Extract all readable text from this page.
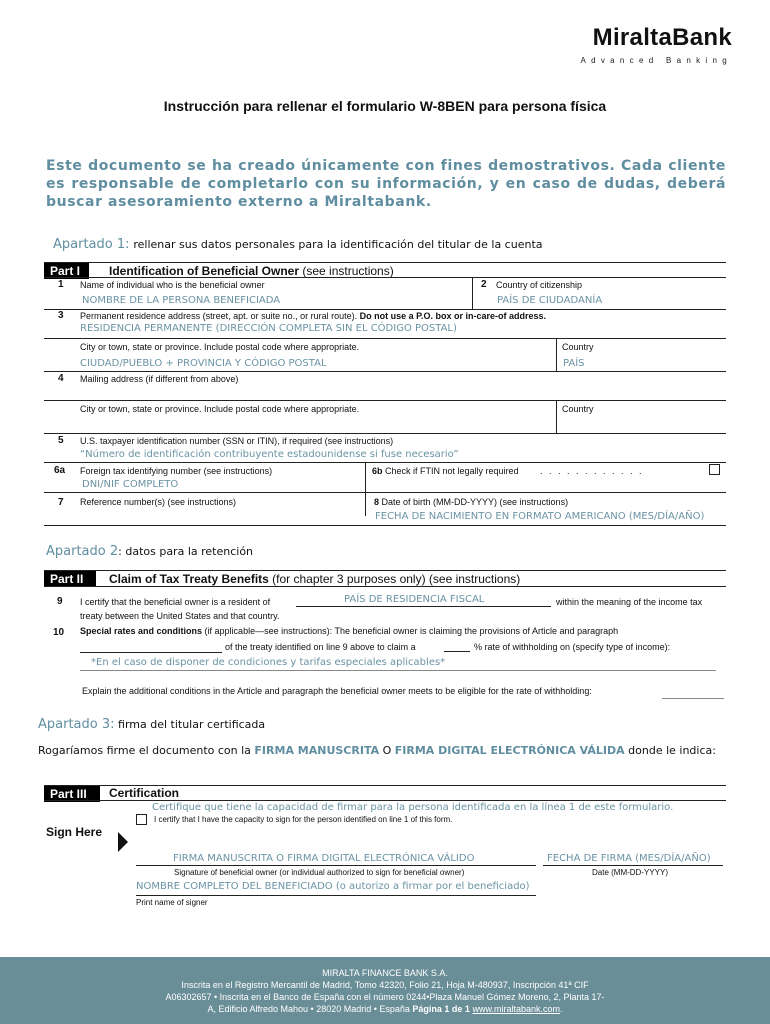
MiraltaBank
Advanced Banking
Instrucción para rellenar el formulario W-8BEN para persona física
Este documento se ha creado únicamente con fines demostrativos. Cada cliente es responsable de completarlo con su información, y en caso de dudas, deberá buscar asesoramiento externo a Miraltabank.
Apartado 1: rellenar sus datos personales para la identificación del titular de la cuenta
Part I	Identification of Beneficial Owner (see instructions)
1 Name of individual who is the beneficial owner
NOMBRE DE LA PERSONA BENEFICIADA
2 Country of citizenship
PAÍS DE CIUDADANÍA
3 Permanent residence address (street, apt. or suite no., or rural route). Do not use a P.O. box or in-care-of address.
RESIDENCIA PERMANENTE (DIRECCIÓN COMPLETA SIN EL CÓDIGO POSTAL)
City or town, state or province. Include postal code where appropriate.
CIUDAD/PUEBLO + PROVINCIA Y CÓDIGO POSTAL
Country
PAÍS
4 Mailing address (if different from above)
City or town, state or province. Include postal code where appropriate.	Country
5 U.S. taxpayer identification number (SSN or ITIN), if required (see instructions)
“Número de identificación contribuyente estadounidense si fuse necesario”
6a Foreign tax identifying number (see instructions)
DNI/NIF COMPLETO
6b Check if FTIN not legally required . . . . . . . . . . . .
7 Reference number(s) (see instructions)	8 Date of birth (MM-DD-YYYY) (see instructions)
FECHA DE NACIMIENTO EN FORMATO AMERICANO (MES/DÍA/AÑO)
Apartado 2: datos para la retención
Part II	Claim of Tax Treaty Benefits (for chapter 3 purposes only) (see instructions)
9 I certify that the beneficial owner is a resident of	PAÍS DE RESIDENCIA FISCAL	within the meaning of the income tax
treaty between the United States and that country.
10 Special rates and conditions (if applicable—see instructions): The beneficial owner is claiming the provisions of Article and paragraph
of the treaty identified on line 9 above to claim a	% rate of withholding on (specify type of income):
*En el caso de disponer de condiciones y tarifas especiales aplicables*
Explain the additional conditions in the Article and paragraph the beneficial owner meets to be eligible for the rate of withholding:
Apartado 3: firma del titular certificada
Rogaríamos firme el documento con la FIRMA MANUSCRITA O FIRMA DIGITAL ELECTRÓNICA VÁLIDA donde le indica:
Part III	Certification
Certifique que tiene la capacidad de firmar para la persona identificada en la línea 1 de este formulario.
I certify that I have the capacity to sign for the person identified on line 1 of this form.
Sign Here
FIRMA MANUSCRITA O FIRMA DIGITAL ELECTRÓNICA VÁLIDO
Signature of beneficial owner (or individual authorized to sign for beneficial owner)
FECHA DE FIRMA (MES/DÍA/AÑO)
Date (MM-DD-YYYY)
NOMBRE COMPLETO DEL BENEFICIADO (o autorizo a firmar por el beneficiado)
Print name of signer
MIRALTA FINANCE BANK S.A.
Inscrita en el Registro Mercantil de Madrid, Tomo 42320, Folio 21, Hoja M-480937, Inscripción 41ª CIF
A06302657 • Inscrita en el Banco de España con el número 0244•Plaza Manuel Gómez Moreno, 2, Planta 17-
A, Edificio Alfredo Mahou • 28020 Madrid • España Página 1 de 1 www.miraltabank.com.
